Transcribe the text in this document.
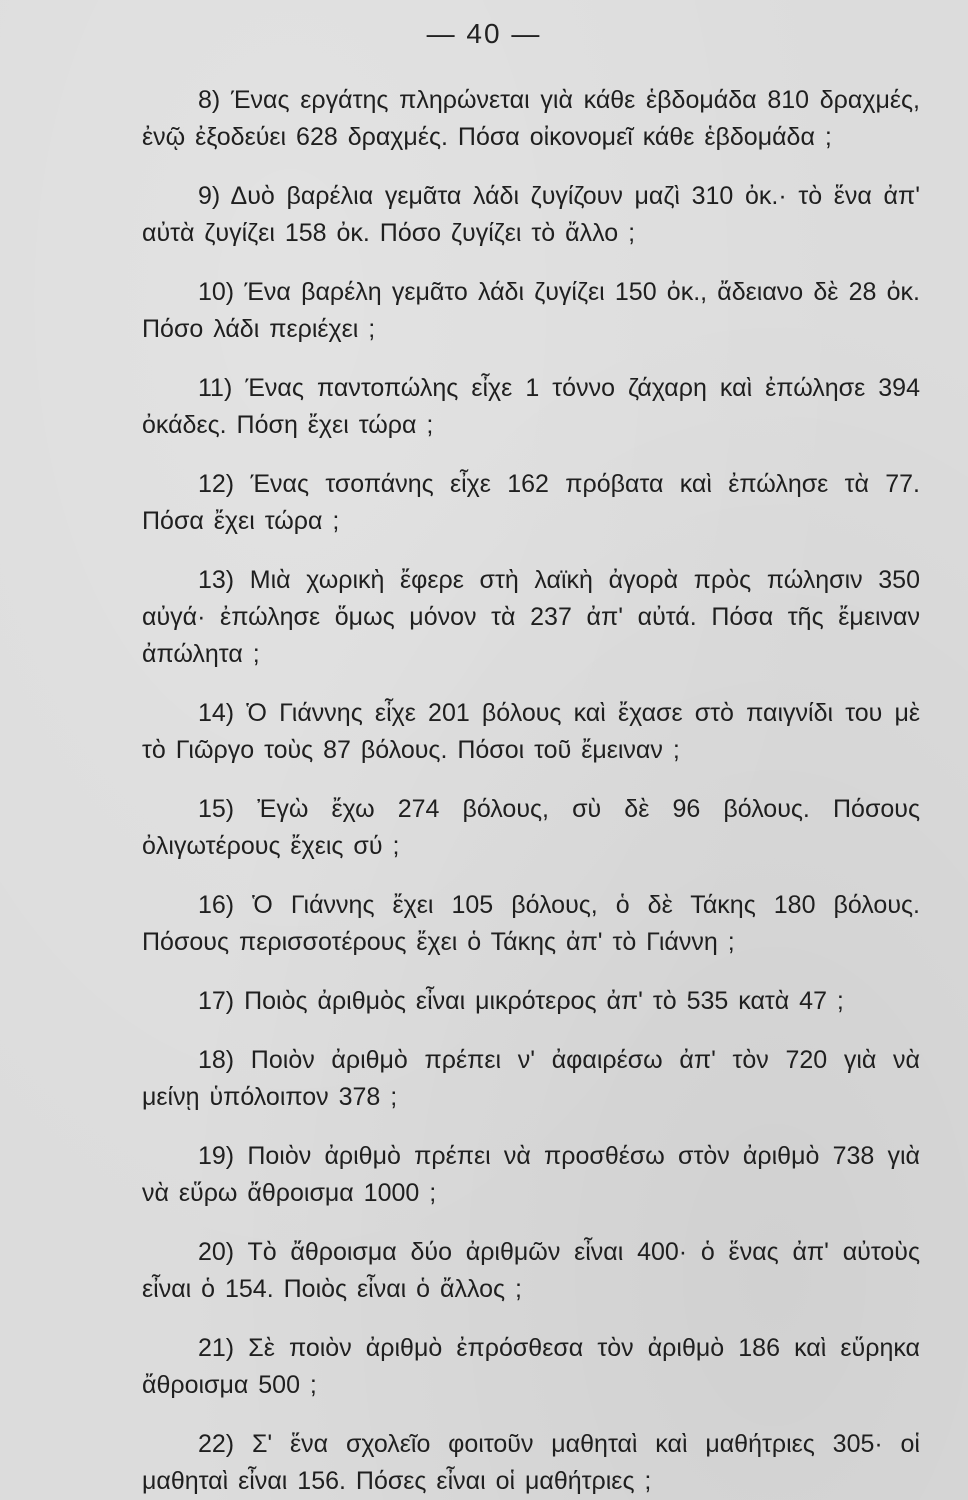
— 40 —

8) Ένας εργάτης πληρώνεται γιὰ κάθε ἑβδομάδα 810 δραχμές, ἐνῷ ἐξοδεύει 628 δραχμές. Πόσα οἰκονομεῖ κάθε ἑβδομάδα ;

9) Δυὸ βαρέλια γεμᾶτα λάδι ζυγίζουν μαζὶ 310 ὀκ.· τὸ ἕνα ἀπ' αὐτὰ ζυγίζει 158 ὀκ. Πόσο ζυγίζει τὸ ἄλλο ;

10) Ένα βαρέλη γεμᾶτο λάδι ζυγίζει 150 ὀκ., ἄδειανο δὲ 28 ὀκ. Πόσο λάδι περιέχει ;

11) Ένας παντοπώλης εἶχε 1 τόννο ζάχαρη καὶ ἐπώλησε 394 ὀκάδες. Πόση ἔχει τώρα ;

12) Ένας τσοπάνης εἶχε 162 πρόβατα καὶ ἐπώλησε τὰ 77. Πόσα ἔχει τώρα ;

13) Μιὰ χωρικὴ ἔφερε στὴ λαϊκὴ ἀγορὰ πρὸς πώλησιν 350 αὐγά· ἐπώλησε ὅμως μόνον τὰ 237 ἀπ' αὐτά. Πόσα τῆς ἔμειναν ἀπώλητα ;

14) Ὁ Γιάννης εἶχε 201 βόλους καὶ ἔχασε στὸ παιγνίδι του μὲ τὸ Γιῶργο τοὺς 87 βόλους. Πόσοι τοῦ ἔμειναν ;

15) Ἐγὼ ἔχω 274 βόλους, σὺ δὲ 96 βόλους. Πόσους ὀλιγωτέρους ἔχεις σύ ;

16) Ὁ Γιάννης ἔχει 105 βόλους, ὁ δὲ Τάκης 180 βόλους. Πόσους περισσοτέρους ἔχει ὁ Τάκης ἀπ' τὸ Γιάννη ;

17) Ποιὸς ἀριθμὸς εἶναι μικρότερος ἀπ' τὸ 535 κατὰ 47 ;

18) Ποιὸν ἀριθμὸ πρέπει ν' ἀφαιρέσω ἀπ' τὸν 720 γιὰ νὰ μείνῃ ὑπόλοιπον 378 ;

19) Ποιὸν ἀριθμὸ πρέπει νὰ προσθέσω στὸν ἀριθμὸ 738 γιὰ νὰ εὕρω ἄθροισμα 1000 ;

20) Τὸ ἄθροισμα δύο ἀριθμῶν εἶναι 400· ὁ ἕνας ἀπ' αὐτοὺς εἶναι ὁ 154. Ποιὸς εἶναι ὁ ἄλλος ;

21) Σὲ ποιὸν ἀριθμὸ ἐπρόσθεσα τὸν ἀριθμὸ 186 καὶ εὕρηκα ἄθροισμα 500 ;

22) Σ' ἕνα σχολεῖο φοιτοῦν μαθηταὶ καὶ μαθήτριες 305· οἱ μαθηταὶ εἶναι 156. Πόσες εἶναι οἱ μαθήτριες ;
